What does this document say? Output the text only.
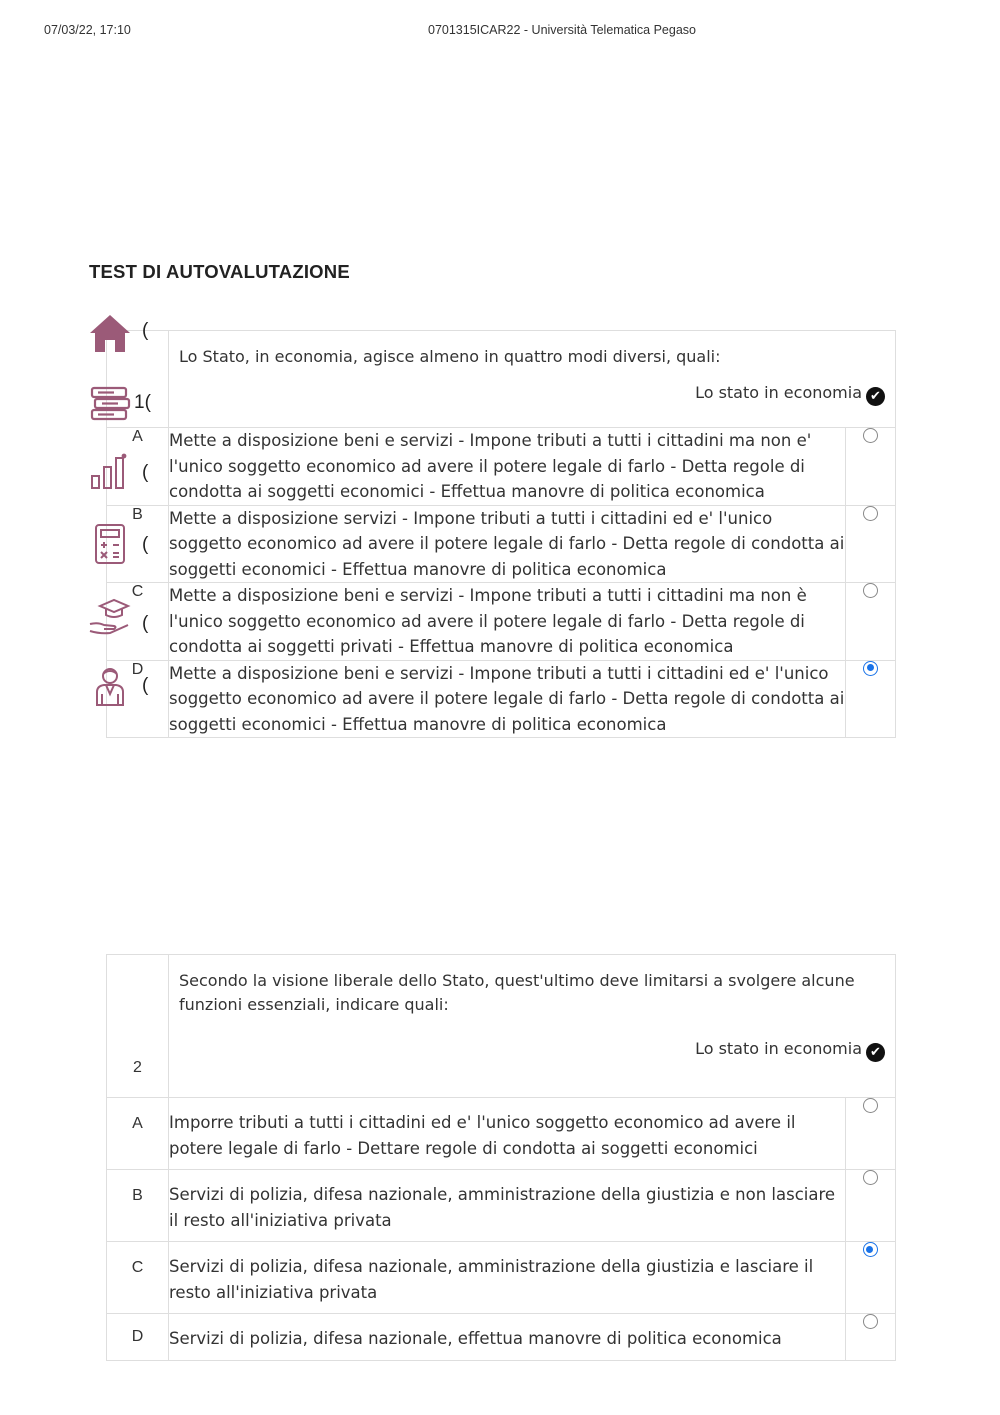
07/03/22, 17:10	0701315ICAR22 - Università Telematica Pegaso
TEST DI AUTOVALUTAZIONE

	Lo Stato, in economia, agisce almeno in quattro modi diversi, quali:
Lo stato in economia ✔	

A	Mette a disposizione beni e servizi - Impone tributi a tutti i cittadini ma non e' l'unico soggetto economico ad avere il potere legale di farlo - Detta regole di condotta ai soggetti economici - Effettua manovre di politica economica	
B	Mette a disposizione servizi - Impone tributi a tutti i cittadini ed e' l'unico soggetto economico ad avere il potere legale di farlo - Detta regole di condotta ai soggetti economici - Effettua manovre di politica economica	
C	Mette a disposizione beni e servizi - Impone tributi a tutti i cittadini ma non è l'unico soggetto economico ad avere il potere legale di farlo - Detta regole di condotta ai soggetti privati - Effettua manovre di politica economica	
D	Mette a disposizione beni e servizi - Impone tributi a tutti i cittadini ed e' l'unico soggetto economico ad avere il potere legale di farlo - Detta regole di condotta ai soggetti economici - Effettua manovre di politica economica	
2	Secondo la visione liberale dello Stato, quest'ultimo deve limitarsi a svolgere alcune funzioni essenziali, indicare quali:
Lo stato in economia ✔	

A	Imporre tributi a tutti i cittadini ed e' l'unico soggetto economico ad avere il potere legale di farlo - Dettare regole di condotta ai soggetti economici	
B	Servizi di polizia, difesa nazionale, amministrazione della giustizia e non lasciare il resto all'iniziativa privata	
C	Servizi di polizia, difesa nazionale, amministrazione della giustizia e lasciare il resto all'iniziativa privata	
D	Servizi di polizia, difesa nazionale, effettua manovre di politica economica	
(
1(
(
(
(
(
